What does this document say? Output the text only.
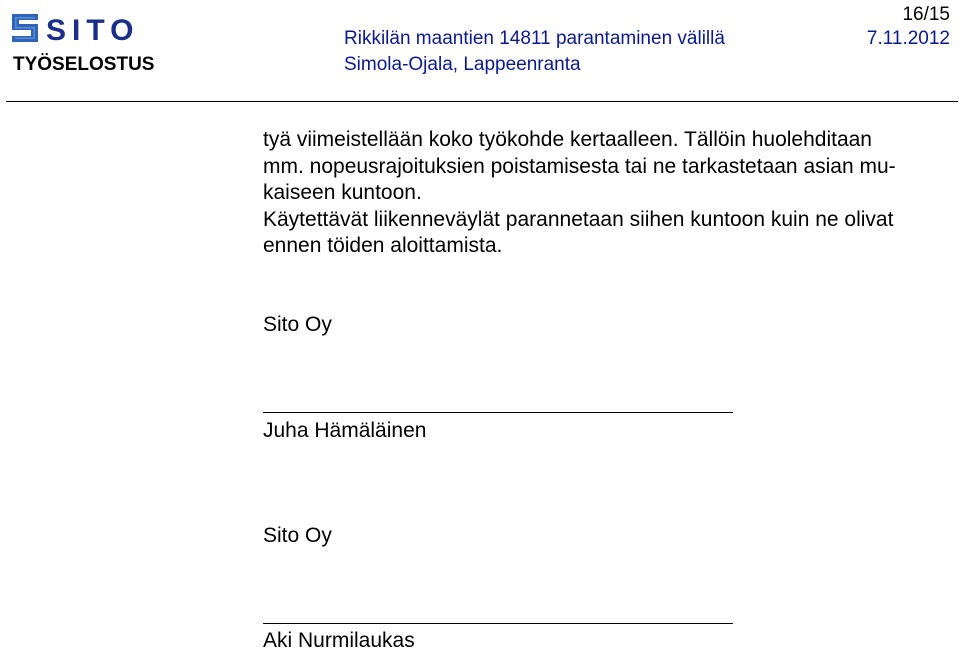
SITO
TYÖSELOSTUS
Rikkilän maantien 14811 parantaminen välillä
Simola-Ojala, Lappeenranta
16/15
7.11.2012

tyä viimeistellään koko työkohde kertaalleen. Tällöin huolehditaan

mm. nopeusrajoituksien poistamisesta tai ne tarkastetaan asian mu-

kaiseen kuntoon.

Käytettävät liikenneväylät parannetaan siihen kuntoon kuin ne olivat

ennen töiden aloittamista.

Sito Oy
Juha Hämäläinen
Sito Oy
Aki Nurmilaukas
